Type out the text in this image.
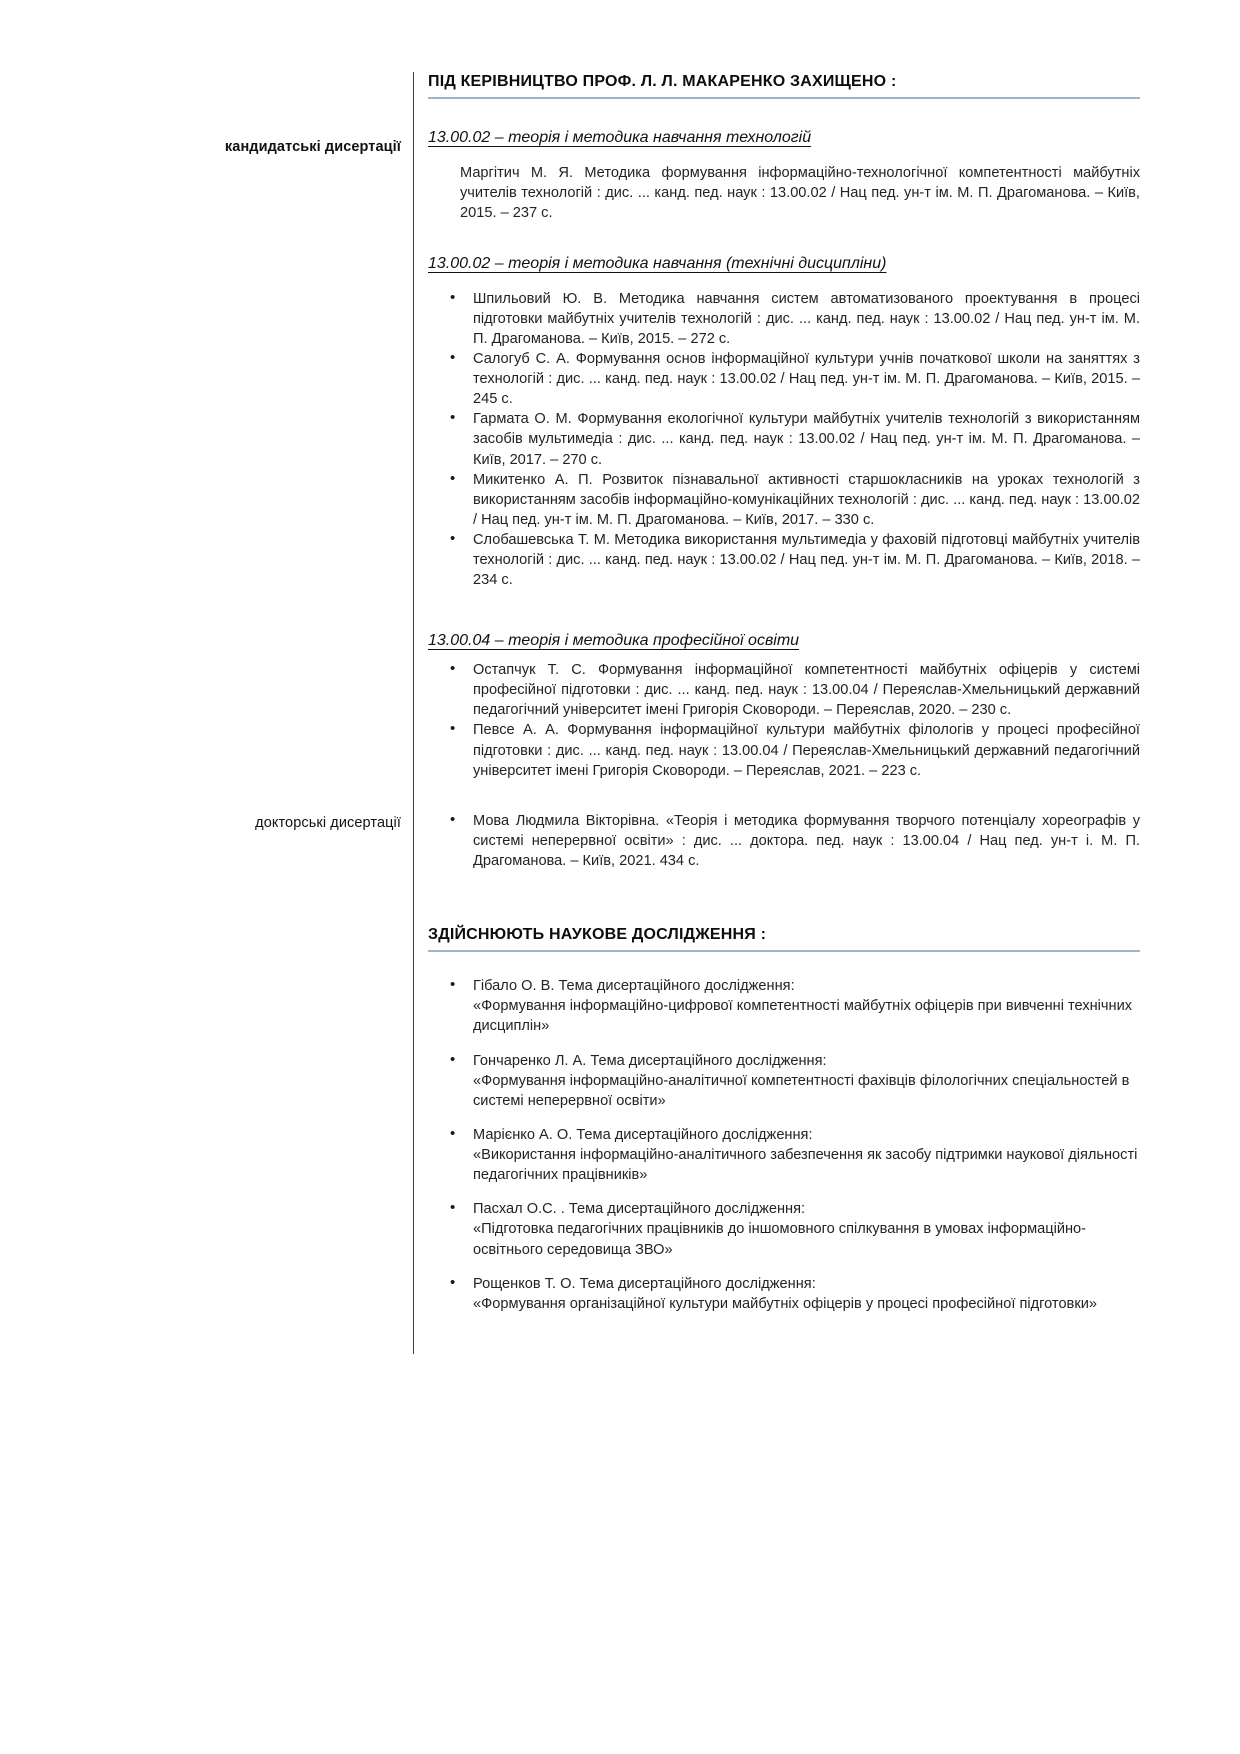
ПІД КЕРІВНИЦТВО ПРОФ. Л. Л. МАКАРЕНКО ЗАХИЩЕНО :
кандидатські дисертації
13.00.02 – теорія і методика навчання технологій

Маргітич М. Я. Методика формування інформаційно-технологічної компетентності майбутніх учителів технологій : дис. ... канд. пед. наук : 13.00.02 / Нац пед. ун-т ім. М. П. Драгоманова. – Київ, 2015. – 237 с.

13.00.02 – теорія і методика навчання (технічні дисципліни)
• Шпильовий Ю. В. Методика навчання систем автоматизованого проектування в процесі підготовки майбутніх учителів технологій : дис. ... канд. пед. наук : 13.00.02 / Нац пед. ун-т ім. М. П. Драгоманова. – Київ, 2015. – 272 с.
• Салогуб С. А. Формування основ інформаційної культури учнів початкової школи на заняттях з технологій : дис. ... канд. пед. наук : 13.00.02 / Нац пед. ун-т ім. М. П. Драгоманова. – Київ, 2015. – 245 с.
• Гармата О. М. Формування екологічної культури майбутніх учителів технологій з використанням засобів мультимедіа : дис. ... канд. пед. наук : 13.00.02 / Нац пед. ун-т ім. М. П. Драгоманова. – Київ, 2017. – 270 с.
• Микитенко А. П. Розвиток пізнавальної активності старшокласників на уроках технологій з використанням засобів інформаційно-комунікаційних технологій : дис. ... канд. пед. наук : 13.00.02 / Нац пед. ун-т ім. М. П. Драгоманова. – Київ, 2017. – 330 с.
• Слобашевська Т. М. Методика використання мультимедіа у фаховій підготовці майбутніх учителів технологій : дис. ... канд. пед. наук : 13.00.02 / Нац пед. ун-т ім. М. П. Драгоманова. – Київ, 2018. – 234 с.
13.00.04 – теорія і методика професійної освіти
• Остапчук Т. С. Формування інформаційної компетентності майбутніх офіцерів у системі професійної підготовки : дис. ... канд. пед. наук : 13.00.04 / Переяслав-Хмельницький державний педагогічний університет імені Григорія Сковороди. – Переяслав, 2020. – 230 с.
• Певсе А. А. Формування інформаційної культури майбутніх філологів у процесі професійної підготовки : дис. ... канд. пед. наук : 13.00.04 / Переяслав-Хмельницький державний педагогічний університет імені Григорія Сковороди. – Переяслав, 2021. – 223 с.
докторські дисертації	• Мова Людмила Вікторівна. «Теорія і методика формування творчого потенціалу хореографів у системі неперервної освіти» : дис. ... доктора. пед. наук : 13.00.04 / Нац пед. ун-т і. М. П. Драгоманова. – Київ, 2021. 434 с.
ЗДІЙСНЮЮТЬ НАУКОВЕ ДОСЛІДЖЕННЯ :
• Гібало О. В. Тема дисертаційного дослідження:
«Формування інформаційно-цифрової компетентності майбутніх офіцерів при вивченні технічних дисциплін»
• Гончаренко Л. А. Тема дисертаційного дослідження:
«Формування інформаційно-аналітичної компетентності фахівців філологічних спеціальностей в системі неперервної освіти»
• Марієнко А. О. Тема дисертаційного дослідження:
«Використання інформаційно-аналітичного забезпечення як засобу підтримки наукової діяльності педагогічних працівників»
• Пасхал О.С. . Тема дисертаційного дослідження:
«Підготовка педагогічних працівників до іншомовного спілкування в умовах інформаційно-освітнього середовища ЗВО»
• Рощенков Т. О. Тема дисертаційного дослідження:
«Формування організаційної культури майбутніх офіцерів у процесі професійної підготовки»
